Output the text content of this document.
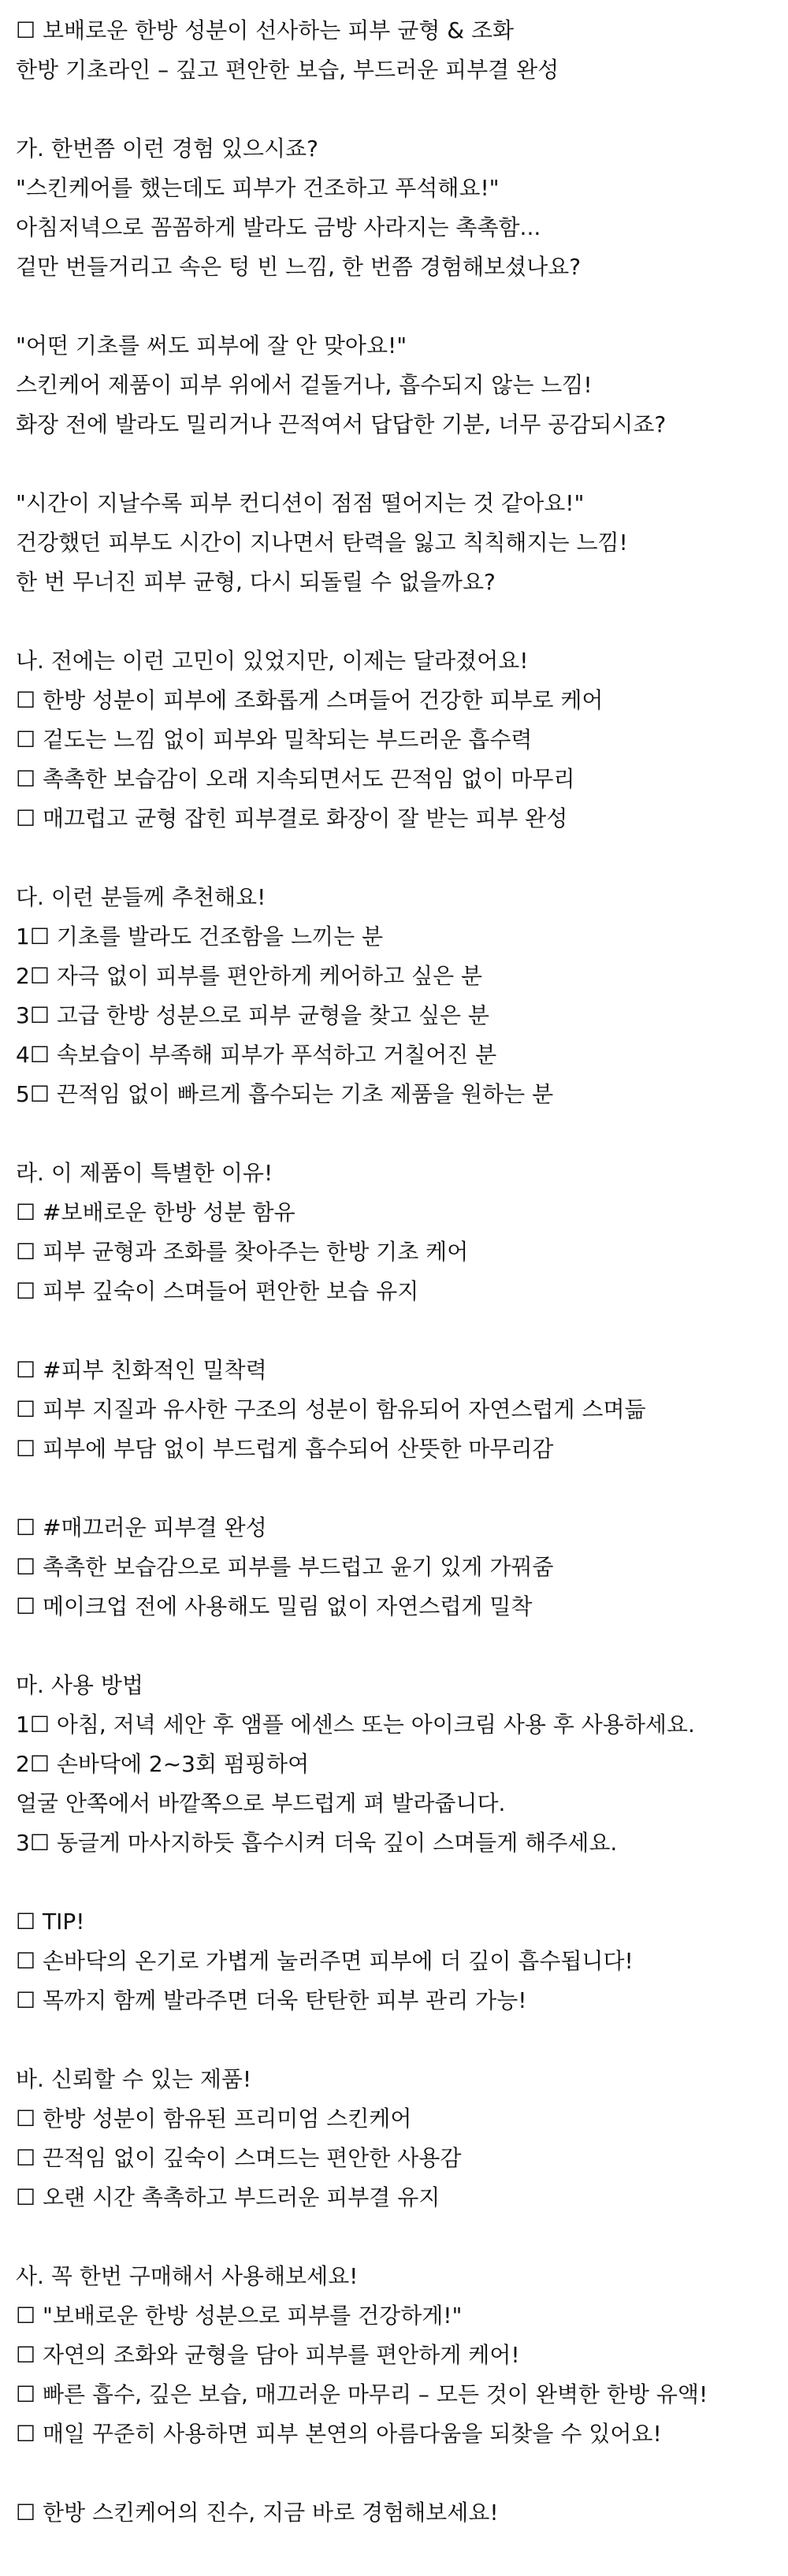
☐ 보배로운 한방 성분이 선사하는 피부 균형 & 조화
한방 기초라인 – 깊고 편안한 보습, 부드러운 피부결 완성
가. 한번쯤 이런 경험 있으시죠?
"스킨케어를 했는데도 피부가 건조하고 푸석해요!"
아침저녁으로 꼼꼼하게 발라도 금방 사라지는 촉촉함...
겉만 번들거리고 속은 텅 빈 느낌, 한 번쯤 경험해보셨나요?
"어떤 기초를 써도 피부에 잘 안 맞아요!"
스킨케어 제품이 피부 위에서 겉돌거나, 흡수되지 않는 느낌!
화장 전에 발라도 밀리거나 끈적여서 답답한 기분, 너무 공감되시죠?
"시간이 지날수록 피부 컨디션이 점점 떨어지는 것 같아요!"
건강했던 피부도 시간이 지나면서 탄력을 잃고 칙칙해지는 느낌!
한 번 무너진 피부 균형, 다시 되돌릴 수 없을까요?
나. 전에는 이런 고민이 있었지만, 이제는 달라졌어요!
☐ 한방 성분이 피부에 조화롭게 스며들어 건강한 피부로 케어
☐ 겉도는 느낌 없이 피부와 밀착되는 부드러운 흡수력
☐ 촉촉한 보습감이 오래 지속되면서도 끈적임 없이 마무리
☐ 매끄럽고 균형 잡힌 피부결로 화장이 잘 받는 피부 완성
다. 이런 분들께 추천해요!
1☐ 기초를 발라도 건조함을 느끼는 분
2☐ 자극 없이 피부를 편안하게 케어하고 싶은 분
3☐ 고급 한방 성분으로 피부 균형을 찾고 싶은 분
4☐ 속보습이 부족해 피부가 푸석하고 거칠어진 분
5☐ 끈적임 없이 빠르게 흡수되는 기초 제품을 원하는 분
라. 이 제품이 특별한 이유!
☐ #보배로운 한방 성분 함유
☐ 피부 균형과 조화를 찾아주는 한방 기초 케어
☐ 피부 깊숙이 스며들어 편안한 보습 유지
☐ #피부 친화적인 밀착력
☐ 피부 지질과 유사한 구조의 성분이 함유되어 자연스럽게 스며듦
☐ 피부에 부담 없이 부드럽게 흡수되어 산뜻한 마무리감
☐ #매끄러운 피부결 완성
☐ 촉촉한 보습감으로 피부를 부드럽고 윤기 있게 가꿔줌
☐ 메이크업 전에 사용해도 밀림 없이 자연스럽게 밀착
마. 사용 방법
1☐ 아침, 저녁 세안 후 앰플 에센스 또는 아이크림 사용 후 사용하세요.
2☐ 손바닥에 2~3회 펌핑하여
얼굴 안쪽에서 바깥쪽으로 부드럽게 펴 발라줍니다.
3☐ 동글게 마사지하듯 흡수시켜 더욱 깊이 스며들게 해주세요.
☐ TIP!
☐ 손바닥의 온기로 가볍게 눌러주면 피부에 더 깊이 흡수됩니다!
☐ 목까지 함께 발라주면 더욱 탄탄한 피부 관리 가능!
바. 신뢰할 수 있는 제품!
☐ 한방 성분이 함유된 프리미엄 스킨케어
☐ 끈적임 없이 깊숙이 스며드는 편안한 사용감
☐ 오랜 시간 촉촉하고 부드러운 피부결 유지
사. 꼭 한번 구매해서 사용해보세요!
☐ "보배로운 한방 성분으로 피부를 건강하게!"
☐ 자연의 조화와 균형을 담아 피부를 편안하게 케어!
☐ 빠른 흡수, 깊은 보습, 매끄러운 마무리 – 모든 것이 완벽한 한방 유액!
☐ 매일 꾸준히 사용하면 피부 본연의 아름다움을 되찾을 수 있어요!
☐ 한방 스킨케어의 진수, 지금 바로 경험해보세요!
